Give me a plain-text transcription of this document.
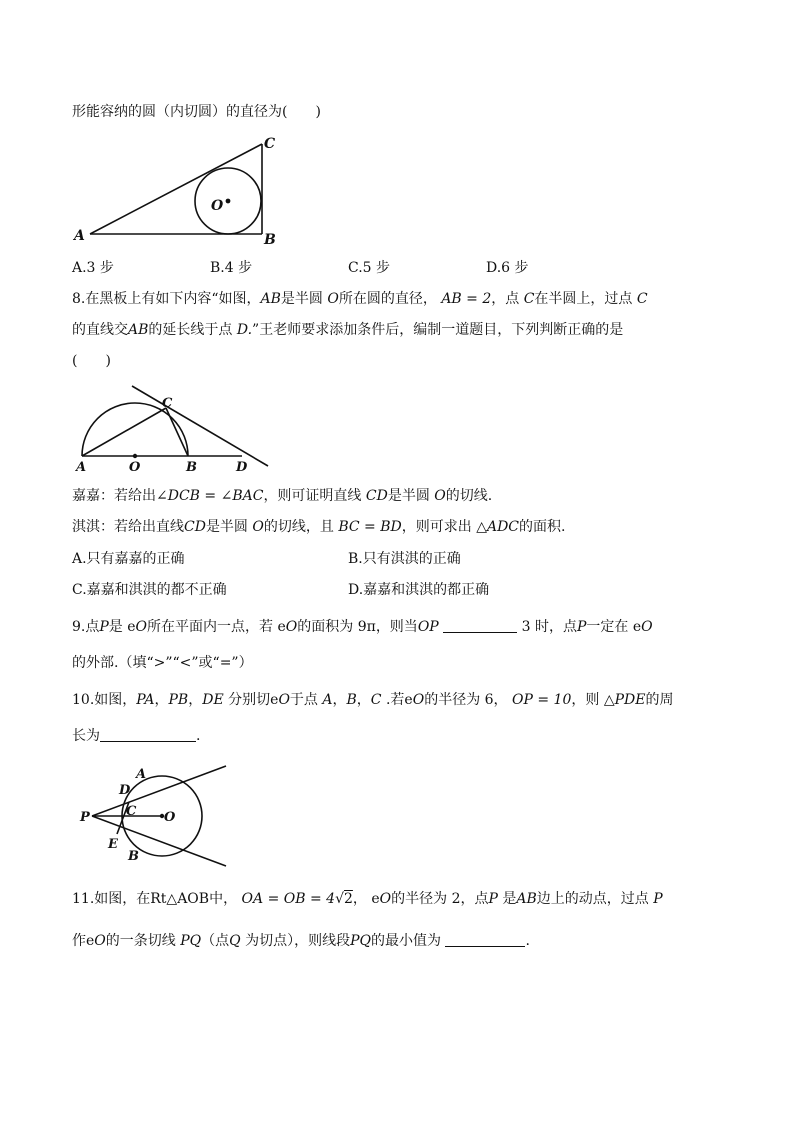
形能容纳的圆（内切圆）的直径为(　　)
A	B
C
O
A.3 步	B.4 步	C.5 步	D.6 步
8.在黑板上有如下内容“如图，AB是半圆 O所在圆的直径， AB = 2，点 C在半圆上，过点 C
的直线交AB的延长线于点 D.”王老师要求添加条件后，编制一道题目，下列判断正确的是
(　　)
A	O	B	D
C
嘉嘉：若给出∠DCB = ∠BAC，则可证明直线 CD是半圆 O的切线.
淇淇：若给出直线CD是半圆 O的切线，且 BC = BD，则可求出 △ADC的面积.
A.只有嘉嘉的正确	B.只有淇淇的正确
C.嘉嘉和淇淇的都不正确	D.嘉嘉和淇淇的都正确
9.点P是 eO所在平面内一点，若 eO的面积为 9π，则当OP	3 时，点P一定在 eO
的外部.（填“>”“<”或“=”）
10.如图，PA，PB，DE 分别切eO于点 A，B，C .若eO的半径为 6， OP = 10，则 △PDE的周
长为	.
P
A
D
C O
E
B
11.如图，在Rt△AOB中， OA = OB = 4√2， eO的半径为 2，点P 是AB边上的动点，过点 P
作eO的一条切线 PQ（点Q 为切点），则线段PQ的最小值为	.
